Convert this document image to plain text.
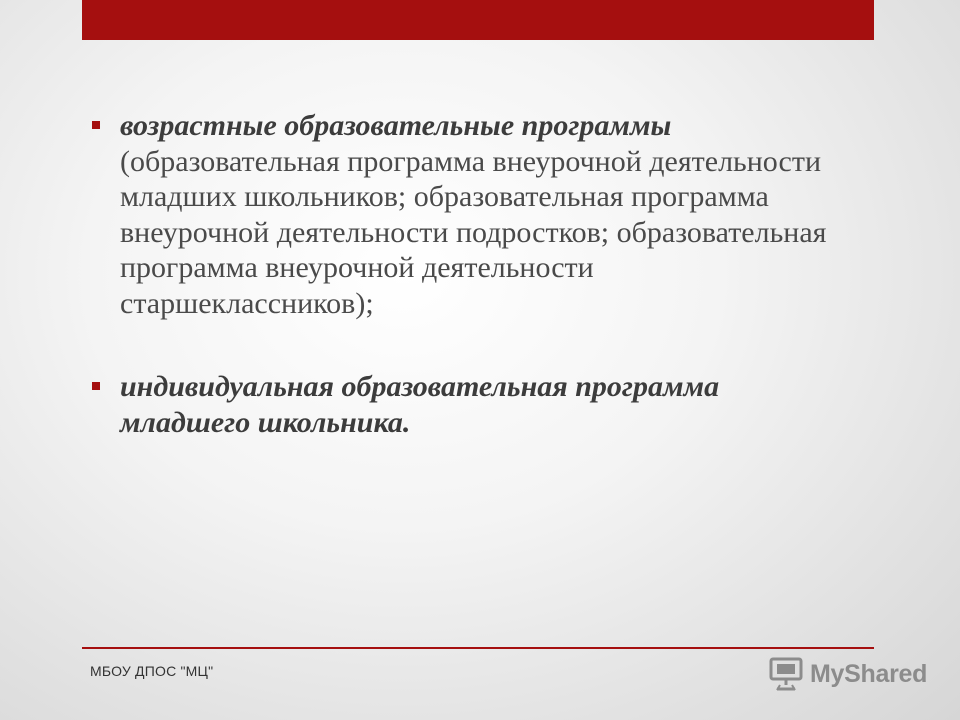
возрастные образовательные программы
(образовательная программа внеурочной деятельности младших школьников; образовательная программа внеурочной деятельности подростков; образовательная программа внеурочной деятельности старшеклассников);
индивидуальная образовательная программа младшего школьника.
МБОУ ДПОС "МЦ"	MyShared
